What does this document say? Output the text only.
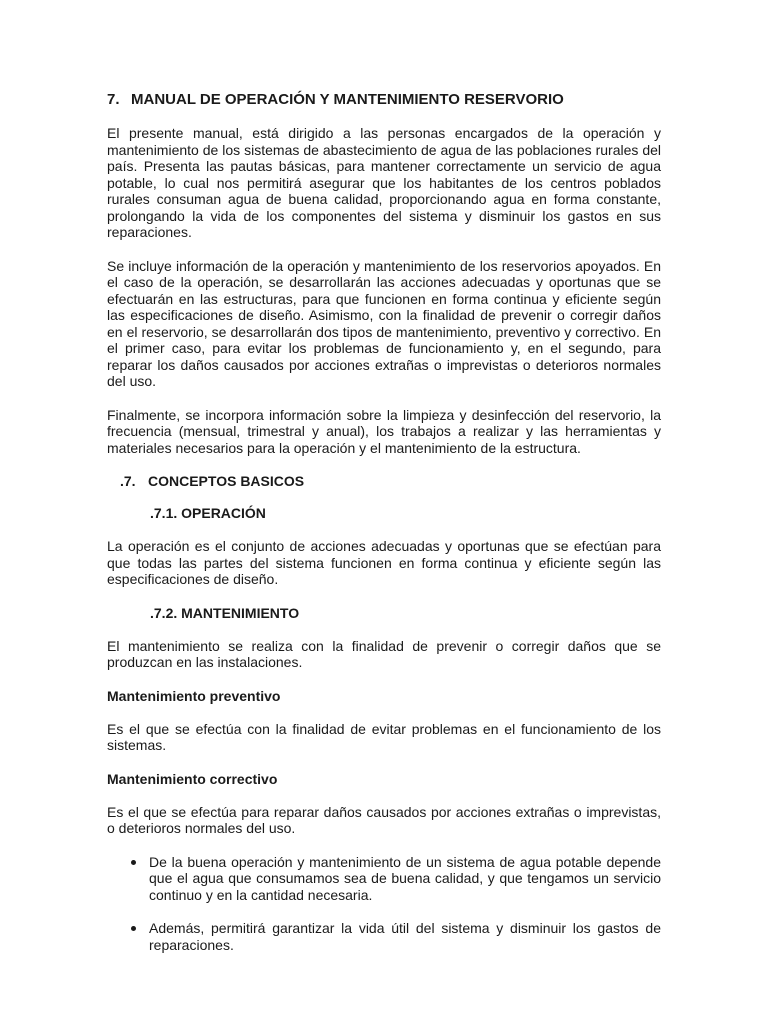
7. MANUAL DE OPERACIÓN Y MANTENIMIENTO RESERVORIO

El presente manual, está dirigido a las personas encargados de la operación y mantenimiento de los sistemas de abastecimiento de agua de las poblaciones rurales del país. Presenta las pautas básicas, para mantener correctamente un servicio de agua potable, lo cual nos permitirá asegurar que los habitantes de los centros poblados rurales consuman agua de buena calidad, proporcionando agua en forma constante, prolongando la vida de los componentes del sistema y disminuir los gastos en sus reparaciones.

Se incluye información de la operación y mantenimiento de los reservorios apoyados. En el caso de la operación, se desarrollarán las acciones adecuadas y oportunas que se efectuarán en las estructuras, para que funcionen en forma continua y eficiente según las especificaciones de diseño. Asimismo, con la finalidad de prevenir o corregir daños en el reservorio, se desarrollarán dos tipos de mantenimiento, preventivo y correctivo. En el primer caso, para evitar los problemas de funcionamiento y, en el segundo, para reparar los daños causados por acciones extrañas o imprevistas o deterioros normales del uso.

Finalmente, se incorpora información sobre la limpieza y desinfección del reservorio, la frecuencia (mensual, trimestral y anual), los trabajos a realizar y las herramientas y materiales necesarios para la operación y el mantenimiento de la estructura.

.7. CONCEPTOS BASICOS
.7.1. OPERACIÓN

La operación es el conjunto de acciones adecuadas y oportunas que se efectúan para que todas las partes del sistema funcionen en forma continua y eficiente según las especificaciones de diseño.

.7.2. MANTENIMIENTO

El mantenimiento se realiza con la finalidad de prevenir o corregir daños que se produzcan en las instalaciones.

Mantenimiento preventivo

Es el que se efectúa con la finalidad de evitar problemas en el funcionamiento de los sistemas.

Mantenimiento correctivo

Es el que se efectúa para reparar daños causados por acciones extrañas o imprevistas, o deterioros normales del uso.

De la buena operación y mantenimiento de un sistema de agua potable depende que el agua que consumamos sea de buena calidad, y que tengamos un servicio continuo y en la cantidad necesaria.

Además, permitirá garantizar la vida útil del sistema y disminuir los gastos de reparaciones.
